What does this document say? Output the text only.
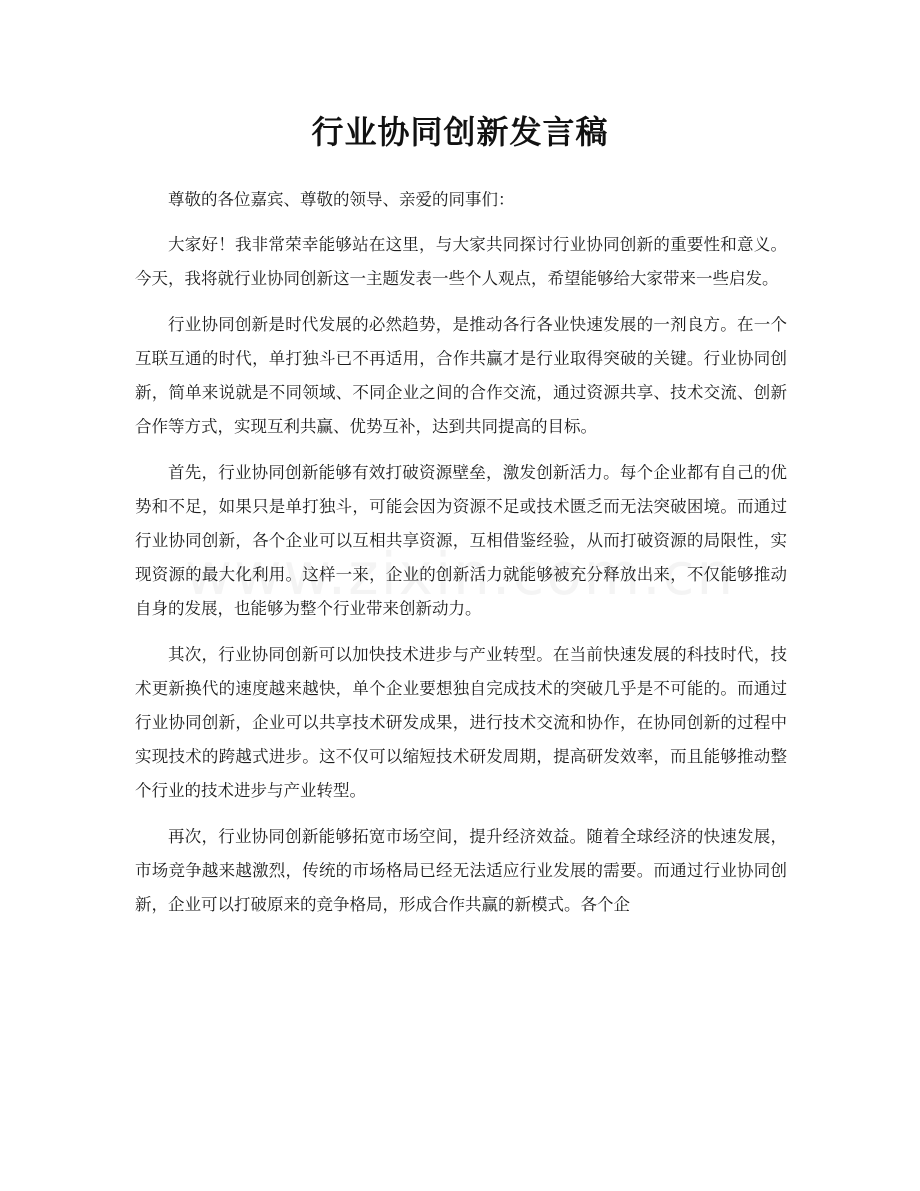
行业协同创新发言稿

尊敬的各位嘉宾、尊敬的领导、亲爱的同事们：

大家好！我非常荣幸能够站在这里，与大家共同探讨行业协同创新的重要性和意义。今天，我将就行业协同创新这一主题发表一些个人观点，希望能够给大家带来一些启发。

行业协同创新是时代发展的必然趋势，是推动各行各业快速发展的一剂良方。在一个互联互通的时代，单打独斗已不再适用，合作共赢才是行业取得突破的关键。行业协同创新，简单来说就是不同领域、不同企业之间的合作交流，通过资源共享、技术交流、创新合作等方式，实现互利共赢、优势互补，达到共同提高的目标。

首先，行业协同创新能够有效打破资源壁垒，激发创新活力。每个企业都有自己的优势和不足，如果只是单打独斗，可能会因为资源不足或技术匮乏而无法突破困境。而通过行业协同创新，各个企业可以互相共享资源，互相借鉴经验，从而打破资源的局限性，实现资源的最大化利用。这样一来，企业的创新活力就能够被充分释放出来，不仅能够推动自身的发展，也能够为整个行业带来创新动力。

其次，行业协同创新可以加快技术进步与产业转型。在当前快速发展的科技时代，技术更新换代的速度越来越快，单个企业要想独自完成技术的突破几乎是不可能的。而通过行业协同创新，企业可以共享技术研发成果，进行技术交流和协作，在协同创新的过程中实现技术的跨越式进步。这不仅可以缩短技术研发周期，提高研发效率，而且能够推动整个行业的技术进步与产业转型。

再次，行业协同创新能够拓宽市场空间，提升经济效益。随着全球经济的快速发展，市场竞争越来越激烈，传统的市场格局已经无法适应行业发展的需要。而通过行业协同创新，企业可以打破原来的竞争格局，形成合作共赢的新模式。各个企
